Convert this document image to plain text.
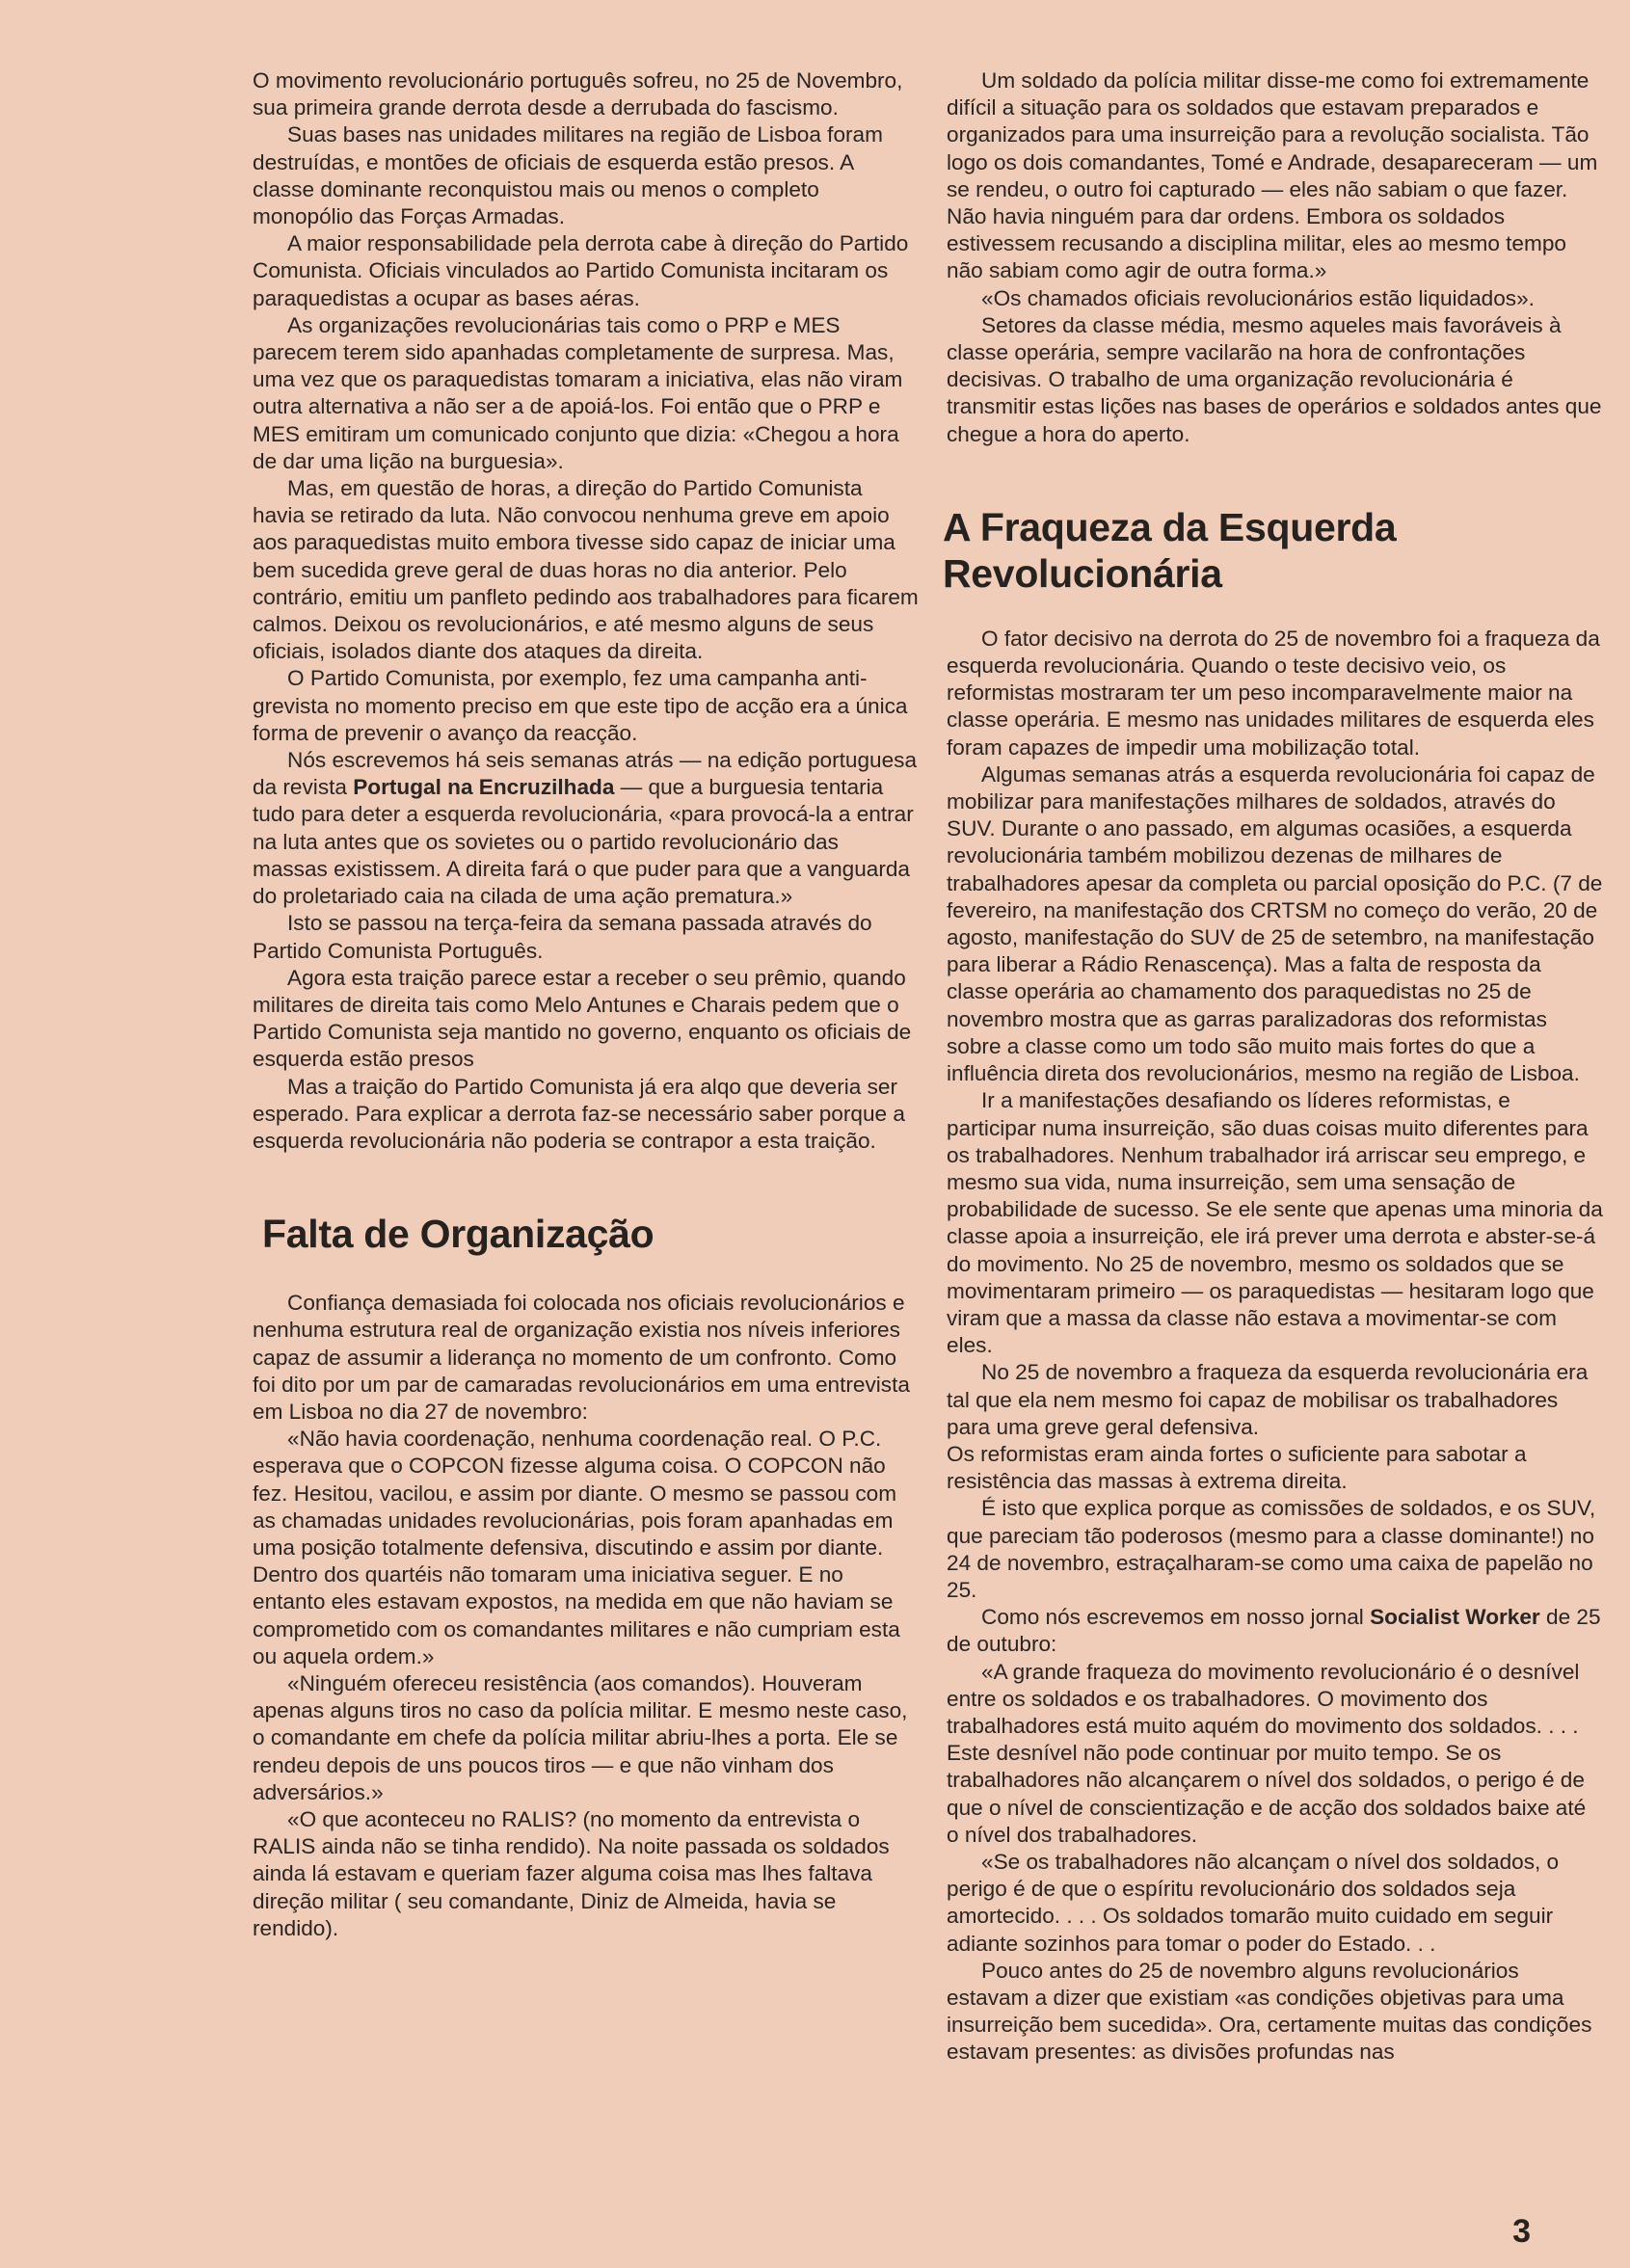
O movimento revolucionário português sofreu, no 25 de Novembro, sua primeira grande derrota desde a derrubada do fascismo.

Suas bases nas unidades militares na região de Lisboa foram destruídas, e montões de oficiais de esquerda estão presos. A classe dominante reconquistou mais ou menos o completo monopólio das Forças Armadas.

A maior responsabilidade pela derrota cabe à direção do Partido Comunista. Oficiais vinculados ao Partido Comunista incitaram os paraquedistas a ocupar as bases aéras.

As organizações revolucionárias tais como o PRP e MES parecem terem sido apanhadas completamente de surpresa. Mas, uma vez que os paraquedistas tomaram a iniciativa, elas não viram outra alternativa a não ser a de apoiá-los. Foi então que o PRP e MES emitiram um comunicado conjunto que dizia: «Chegou a hora de dar uma lição na burguesia».

Mas, em questão de horas, a direção do Partido Comunista havia se retirado da luta. Não convocou nenhuma greve em apoio aos paraquedistas muito embora tivesse sido capaz de iniciar uma bem sucedida greve geral de duas horas no dia anterior. Pelo contrário, emitiu um panfleto pedindo aos trabalhadores para ficarem calmos. Deixou os revolucionários, e até mesmo alguns de seus oficiais, isolados diante dos ataques da direita.

O Partido Comunista, por exemplo, fez uma campanha anti-grevista no momento preciso em que este tipo de acção era a única forma de prevenir o avanço da reacção.

Nós escrevemos há seis semanas atrás — na edição portuguesa da revista Portugal na Encruzilhada — que a burguesia tentaria tudo para deter a esquerda revolucionária, «para provocá-la a entrar na luta antes que os sovietes ou o partido revolucionário das massas existissem. A direita fará o que puder para que a vanguarda do proletariado caia na cilada de uma ação prematura.»

Isto se passou na terça-feira da semana passada através do Partido Comunista Português.

Agora esta traição parece estar a receber o seu prêmio, quando militares de direita tais como Melo Antunes e Charais pedem que o Partido Comunista seja mantido no governo, enquanto os oficiais de esquerda estão presos

Mas a traição do Partido Comunista já era alqo que deveria ser esperado. Para explicar a derrota faz-se necessário saber porque a esquerda revolucionária não poderia se contrapor a esta traição.

Falta de Organização

Confiança demasiada foi colocada nos oficiais revolucionários e nenhuma estrutura real de organização existia nos níveis inferiores capaz de assumir a liderança no momento de um confronto. Como foi dito por um par de camaradas revolucionários em uma entrevista em Lisboa no dia 27 de novembro:

«Não havia coordenação, nenhuma coordenação real. O P.C. esperava que o COPCON fizesse alguma coisa. O COPCON não fez. Hesitou, vacilou, e assim por diante. O mesmo se passou com as chamadas unidades revolucionárias, pois foram apanhadas em uma posição totalmente defensiva, discutindo e assim por diante. Dentro dos quartéis não tomaram uma iniciativa seguer. E no entanto eles estavam expostos, na medida em que não haviam se comprometido com os comandantes militares e não cumpriam esta ou aquela ordem.»

«Ninguém ofereceu resistência (aos comandos). Houveram apenas alguns tiros no caso da polícia militar. E mesmo neste caso, o comandante em chefe da polícia militar abriu-lhes a porta. Ele se rendeu depois de uns poucos tiros — e que não vinham dos adversários.»

«O que aconteceu no RALIS? (no momento da entrevista o RALIS ainda não se tinha rendido). Na noite passada os soldados ainda lá estavam e queriam fazer alguma coisa mas lhes faltava direção militar ( seu comandante, Diniz de Almeida, havia se rendido).

Um soldado da polícia militar disse-me como foi extremamente difícil a situação para os soldados que estavam preparados e organizados para uma insurreição para a revolução socialista. Tão logo os dois comandantes, Tomé e Andrade, desapareceram — um se rendeu, o outro foi capturado — eles não sabiam o que fazer. Não havia ninguém para dar ordens. Embora os soldados estivessem recusando a disciplina militar, eles ao mesmo tempo não sabiam como agir de outra forma.»

«Os chamados oficiais revolucionários estão liquidados».

Setores da classe média, mesmo aqueles mais favoráveis à classe operária, sempre vacilarão na hora de confrontações decisivas. O trabalho de uma organização revolucionária é transmitir estas lições nas bases de operários e soldados antes que chegue a hora do aperto.

A Fraqueza da Esquerda
Revolucionária

O fator decisivo na derrota do 25 de novembro foi a fraqueza da esquerda revolucionária. Quando o teste decisivo veio, os reformistas mostraram ter um peso incomparavelmente maior na classe operária. E mesmo nas unidades militares de esquerda eles foram capazes de impedir uma mobilização total.

Algumas semanas atrás a esquerda revolucionária foi capaz de mobilizar para manifestações milhares de soldados, através do SUV. Durante o ano passado, em algumas ocasiões, a esquerda revolucionária também mobilizou dezenas de milhares de trabalhadores apesar da completa ou parcial oposição do P.C. (7 de fevereiro, na manifestação dos CRTSM no começo do verão, 20 de agosto, manifestação do SUV de 25 de setembro, na manifestação para liberar a Rádio Renascença). Mas a falta de resposta da classe operária ao chamamento dos paraquedistas no 25 de novembro mostra que as garras paralizadoras dos reformistas sobre a classe como um todo são muito mais fortes do que a influência direta dos revolucionários, mesmo na região de Lisboa.

Ir a manifestações desafiando os líderes reformistas, e participar numa insurreição, são duas coisas muito diferentes para os trabalhadores. Nenhum trabalhador irá arriscar seu emprego, e mesmo sua vida, numa insurreição, sem uma sensação de probabilidade de sucesso. Se ele sente que apenas uma minoria da classe apoia a insurreição, ele irá prever uma derrota e abster-se-á do movimento. No 25 de novembro, mesmo os soldados que se movimentaram primeiro — os paraquedistas — hesitaram logo que viram que a massa da classe não estava a movimentar-se com eles.

No 25 de novembro a fraqueza da esquerda revolucionária era tal que ela nem mesmo foi capaz de mobilisar os trabalhadores para uma greve geral defensiva.

Os reformistas eram ainda fortes o suficiente para sabotar a resistência das massas à extrema direita.

É isto que explica porque as comissões de soldados, e os SUV, que pareciam tão poderosos (mesmo para a classe dominante!) no 24 de novembro, estraçalharam-se como uma caixa de papelão no 25.

Como nós escrevemos em nosso jornal Socialist Worker de 25 de outubro:

«A grande fraqueza do movimento revolucionário é o desnível entre os soldados e os trabalhadores. O movimento dos trabalhadores está muito aquém do movimento dos soldados. . . . Este desnível não pode continuar por muito tempo. Se os trabalhadores não alcançarem o nível dos soldados, o perigo é de que o nível de conscientização e de acção dos soldados baixe até o nível dos trabalhadores.

«Se os trabalhadores não alcançam o nível dos soldados, o perigo é de que o espíritu revolucionário dos soldados seja amortecido. . . . Os soldados tomarão muito cuidado em seguir adiante sozinhos para tomar o poder do Estado. . .

Pouco antes do 25 de novembro alguns revolucionários estavam a dizer que existiam «as condições objetivas para uma insurreição bem sucedida». Ora, certamente muitas das condições estavam presentes: as divisões profundas nas

3
